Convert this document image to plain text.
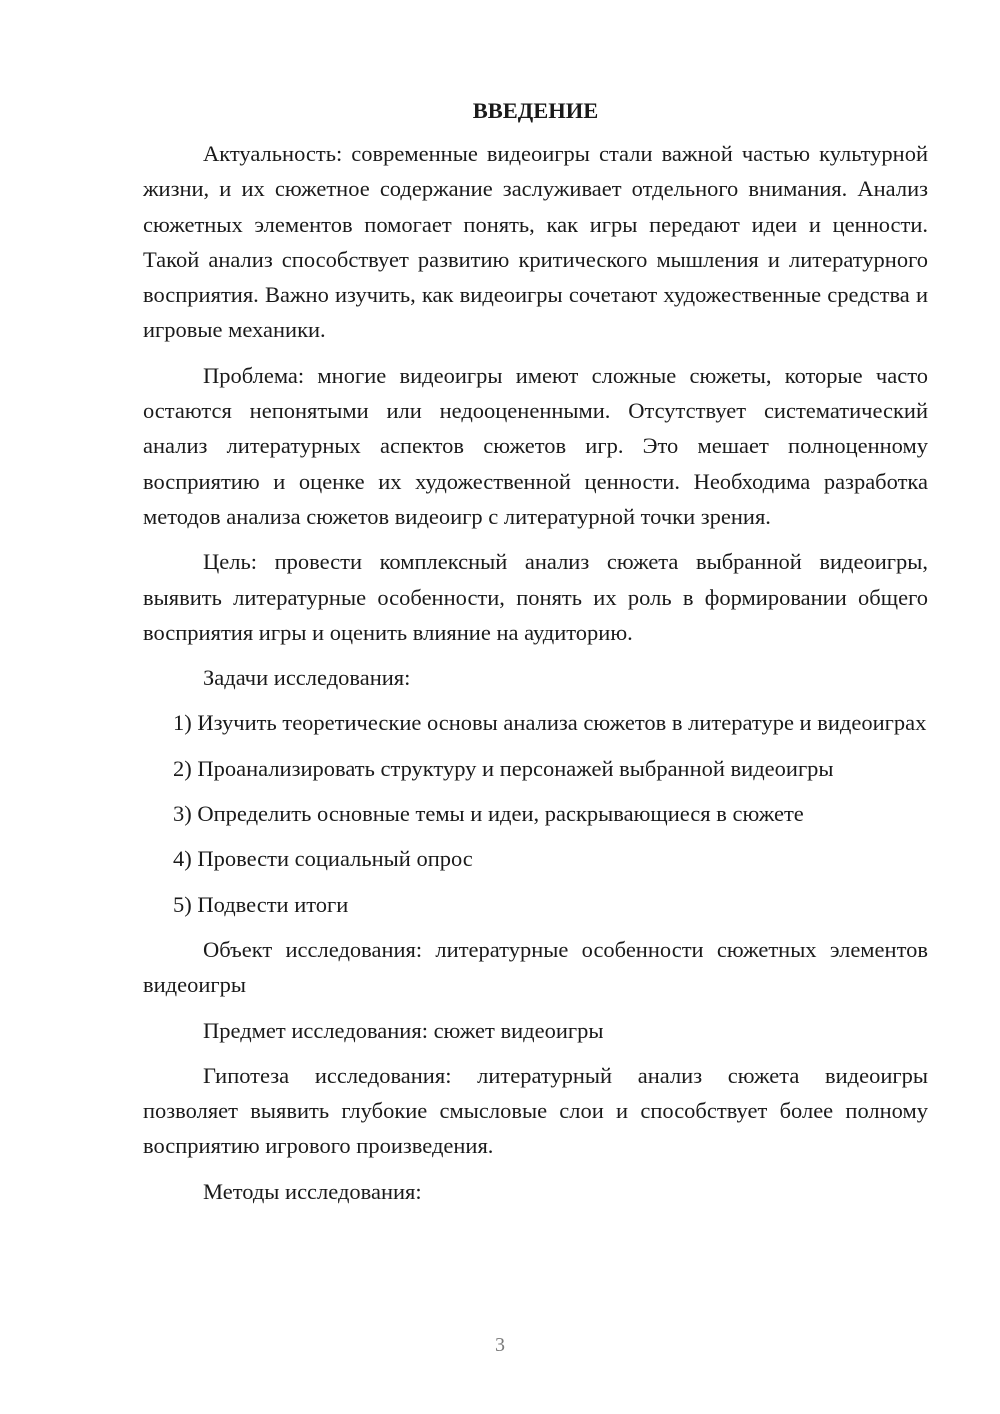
ВВЕДЕНИЕ

Актуальность: современные видеоигры стали важной частью культурной жизни, и их сюжетное содержание заслуживает отдельного внимания. Анализ сюжетных элементов помогает понять, как игры передают идеи и ценности. Такой анализ способствует развитию критического мышления и литературного восприятия. Важно изучить, как видеоигры сочетают художественные средства и игровые механики.

Проблема: многие видеоигры имеют сложные сюжеты, которые часто остаются непонятыми или недооцененными. Отсутствует систематический анализ литературных аспектов сюжетов игр. Это мешает полноценному восприятию и оценке их художественной ценности. Необходима разработка методов анализа сюжетов видеоигр с литературной точки зрения.

Цель: провести комплексный анализ сюжета выбранной видеоигры, выявить литературные особенности, понять их роль в формировании общего восприятия игры и оценить влияние на аудиторию.

Задачи исследования:

1) Изучить теоретические основы анализа сюжетов в литературе и видеоиграх

2) Проанализировать структуру и персонажей выбранной видеоигры

3) Определить основные темы и идеи, раскрывающиеся в сюжете

4) Провести социальный опрос

5) Подвести итоги

Объект исследования: литературные особенности сюжетных элементов видеоигры

Предмет исследования: сюжет видеоигры

Гипотеза исследования: литературный анализ сюжета видеоигры позволяет выявить глубокие смысловые слои и способствует более полному восприятию игрового произведения.

Методы исследования:

3
